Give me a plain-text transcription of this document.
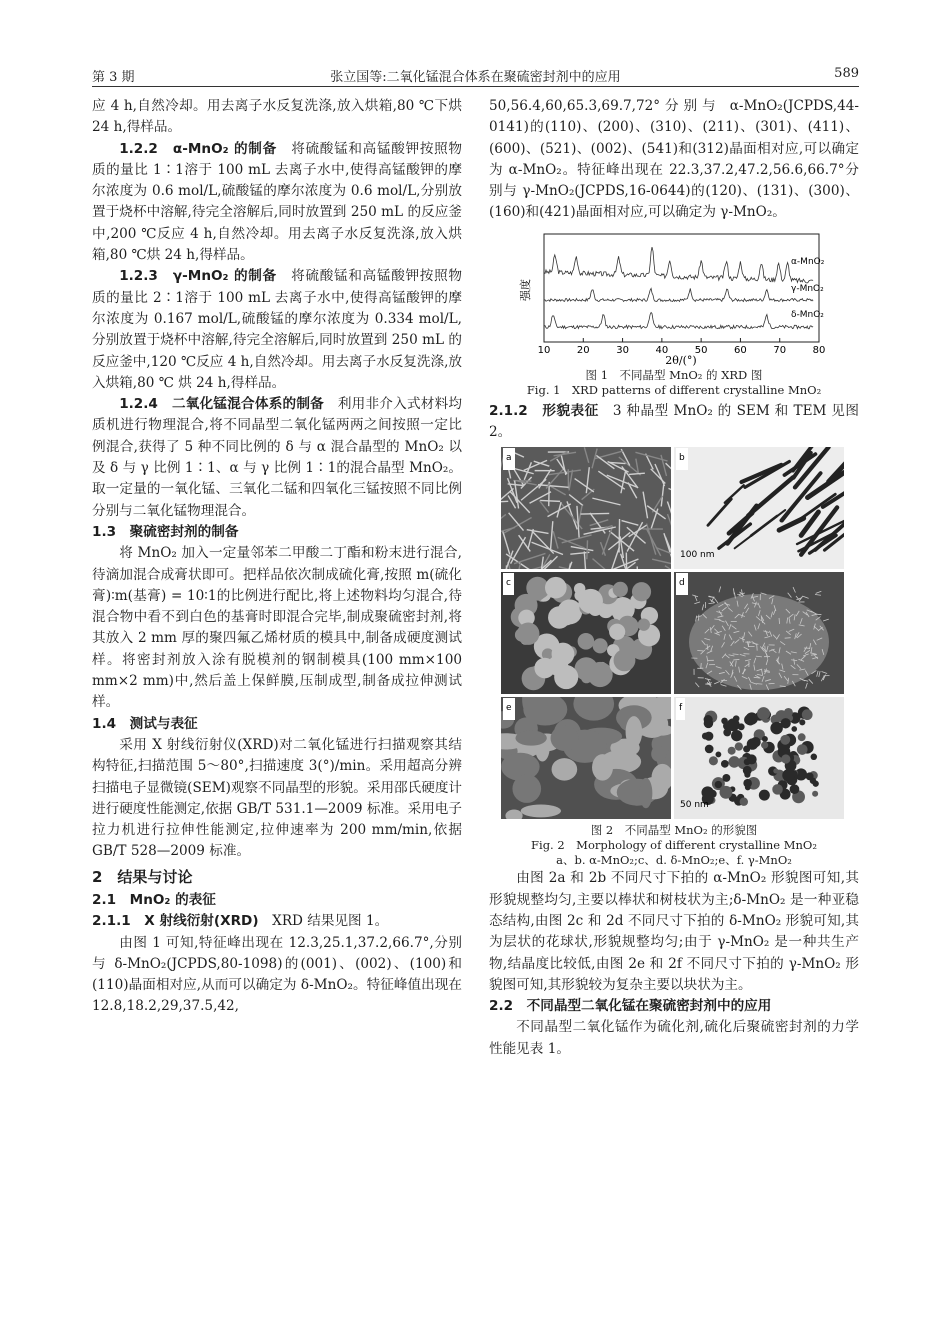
第 3 期	张立国等:二氧化锰混合体系在聚硫密封剂中的应用	589

应 4 h,自然冷却。用去离子水反复洗涤,放入烘箱,80 ℃下烘 24 h,得样品。

1.2.2　α-MnO₂ 的制备　 将硫酸锰和高锰酸钾按照物质的量比 1∶1溶于 100 mL 去离子水中,使得高锰酸钾的摩尔浓度为 0.6 mol/L,硫酸锰的摩尔浓度为 0.6 mol/L,分别放置于烧杯中溶解,待完全溶解后,同时放置到 250 mL 的反应釜中,200 ℃反应 4 h,自然冷却。用去离子水反复洗涤,放入烘箱,80 ℃烘 24 h,得样品。

1.2.3　γ-MnO₂ 的制备　 将硫酸锰和高锰酸钾按照物质的量比 2∶1溶于 100 mL 去离子水中,使得高锰酸钾的摩尔浓度为 0.167 mol/L,硫酸锰的摩尔浓度为 0.334 mol/L,分别放置于烧杯中溶解,待完全溶解后,同时放置到 250 mL 的反应釜中,120 ℃反应 4 h,自然冷却。用去离子水反复洗涤,放入烘箱,80 ℃ 烘 24 h,得样品。

1.2.4　二氧化锰混合体系的制备　 利用非介入式材料均质机进行物理混合,将不同晶型二氧化锰两两之间按照一定比例混合,获得了 5 种不同比例的 δ 与 α 混合晶型的 MnO₂ 以及 δ 与 γ 比例 1∶1、α 与 γ 比例 1∶1的混合晶型 MnO₂。取一定量的一氧化锰、三氧化二锰和四氧化三锰按照不同比例分别与二氧化锰物理混合。

1.3　聚硫密封剂的制备

将 MnO₂ 加入一定量邻苯二甲酸二丁酯和粉末进行混合,待滴加混合成膏状即可。把样品依次制成硫化膏,按照 m(硫化膏)∶m(基膏) = 10∶1的比例进行配比,将上述物料均匀混合,待混合物中看不到白色的基膏时即混合完毕,制成聚硫密封剂,将其放入 2 mm 厚的聚四氟乙烯材质的模具中,制备成硬度测试样。将密封剂放入涂有脱模剂的钢制模具(100 mm×100 mm×2 mm)中,然后盖上保鲜膜,压制成型,制备成拉伸测试样。

1.4　测试与表征

采用 X 射线衍射仪(XRD)对二氧化锰进行扫描观察其结构特征,扫描范围 5～80°,扫描速度 3(°)/min。采用超高分辨扫描电子显微镜(SEM)观察不同晶型的形貌。采用邵氏硬度计进行硬度性能测定,依据 GB/T 531.1—2009 标准。采用电子拉力机进行拉伸性能测定,拉伸速率为 200 mm/min,依据 GB/T 528—2009 标准。

2　结果与讨论

2.1　MnO₂ 的表征

2.1.1　X 射线衍射(XRD)　 XRD 结果见图 1。

由图 1 可知,特征峰出现在 12.3,25.1,37.2,66.7°,分别与 δ-MnO₂(JCPDS,80-1098)的(001)、(002)、(100)和(110)晶面相对应,从而可以确定为 δ-MnO₂。特征峰值出现在 12.8,18.2,29,37.5,42,

50,56.4,60,65.3,69.7,72°分别与 α-MnO₂(JCPDS,44-0141)的(110)、(200)、(310)、(211)、(301)、(411)、(600)、(521)、(002)、(541)和(312)晶面相对应,可以确定为 α-MnO₂。特征峰出现在 22.3,37.2,47.2,56.6,66.7°分别与 γ-MnO₂(JCPDS,16-0644)的(120)、(131)、(300)、(160)和(421)晶面相对应,可以确定为 γ-MnO₂。

强度
2θ/(°)
10	20	30	40	50	60	70	80
α-MnO₂
γ-MnO₂
δ-MnO₂
图 1　不同晶型 MnO₂ 的 XRD 图
Fig. 1　XRD patterns of different crystalline MnO₂

2.1.2　形貌表征　 3 种晶型 MnO₂ 的 SEM 和 TEM 见图 2。

a	b
100 nm
c	d
e	f
50 nm
图 2　不同晶型 MnO₂ 的形貌图
Fig. 2　Morphology of different crystalline MnO₂
a、b. α-MnO₂;c、d. δ-MnO₂;e、f. γ-MnO₂

由图 2a 和 2b 不同尺寸下拍的 α-MnO₂ 形貌图可知,其形貌规整均匀,主要以棒状和树枝状为主;δ-MnO₂ 是一种亚稳态结构,由图 2c 和 2d 不同尺寸下拍的 δ-MnO₂ 形貌可知,其为层状的花球状,形貌规整均匀;由于 γ-MnO₂ 是一种共生产物,结晶度比较低,由图 2e 和 2f 不同尺寸下拍的 γ-MnO₂ 形貌图可知,其形貌较为复杂主要以块状为主。

2.2　不同晶型二氧化锰在聚硫密封剂中的应用

不同晶型二氧化锰作为硫化剂,硫化后聚硫密封剂的力学性能见表 1。
